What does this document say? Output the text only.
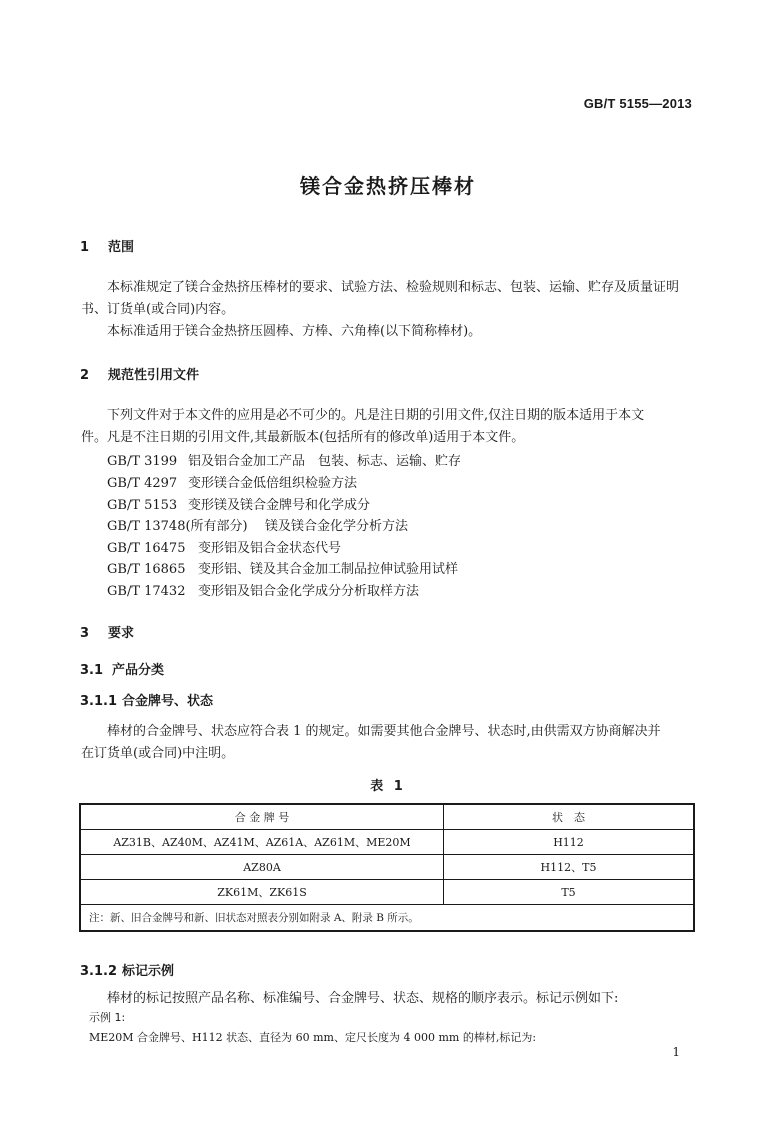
GB/T 5155—2013
镁合金热挤压棒材
1 范围
本标准规定了镁合金热挤压棒材的要求、试验方法、检验规则和标志、包装、运输、贮存及质量证明
书、订货单(或合同)内容。
本标准适用于镁合金热挤压圆棒、方棒、六角棒(以下简称棒材)。
2 规范性引用文件
下列文件对于本文件的应用是必不可少的。凡是注日期的引用文件,仅注日期的版本适用于本文
件。凡是不注日期的引用文件,其最新版本(包括所有的修改单)适用于本文件。
GB/T 3199 铝及铝合金加工产品　包装、标志、运输、贮存
GB/T 4297 变形镁合金低倍组织检验方法
GB/T 5153 变形镁及镁合金牌号和化学成分
GB/T 13748(所有部分) 镁及镁合金化学分析方法
GB/T 16475 变形铝及铝合金状态代号
GB/T 16865 变形铝、镁及其合金加工制品拉伸试验用试样
GB/T 17432 变形铝及铝合金化学成分分析取样方法
3 要求
3.1 产品分类
3.1.1 合金牌号、状态
棒材的合金牌号、状态应符合表 1 的规定。如需要其他合金牌号、状态时,由供需双方协商解决并
在订货单(或合同)中注明。
表 1
合 金 牌 号	状　态
AZ31B、AZ40M、AZ41M、AZ61A、AZ61M、ME20M	H112
AZ80A	H112、T5
ZK61M、ZK61S	T5
注：新、旧合金牌号和新、旧状态对照表分别如附录 A、附录 B 所示。	
3.1.2 标记示例
棒材的标记按照产品名称、标准编号、合金牌号、状态、规格的顺序表示。标记示例如下:
示例 1:
ME20M 合金牌号、H112 状态、直径为 60 mm、定尺长度为 4 000 mm 的棒材,标记为:
1
